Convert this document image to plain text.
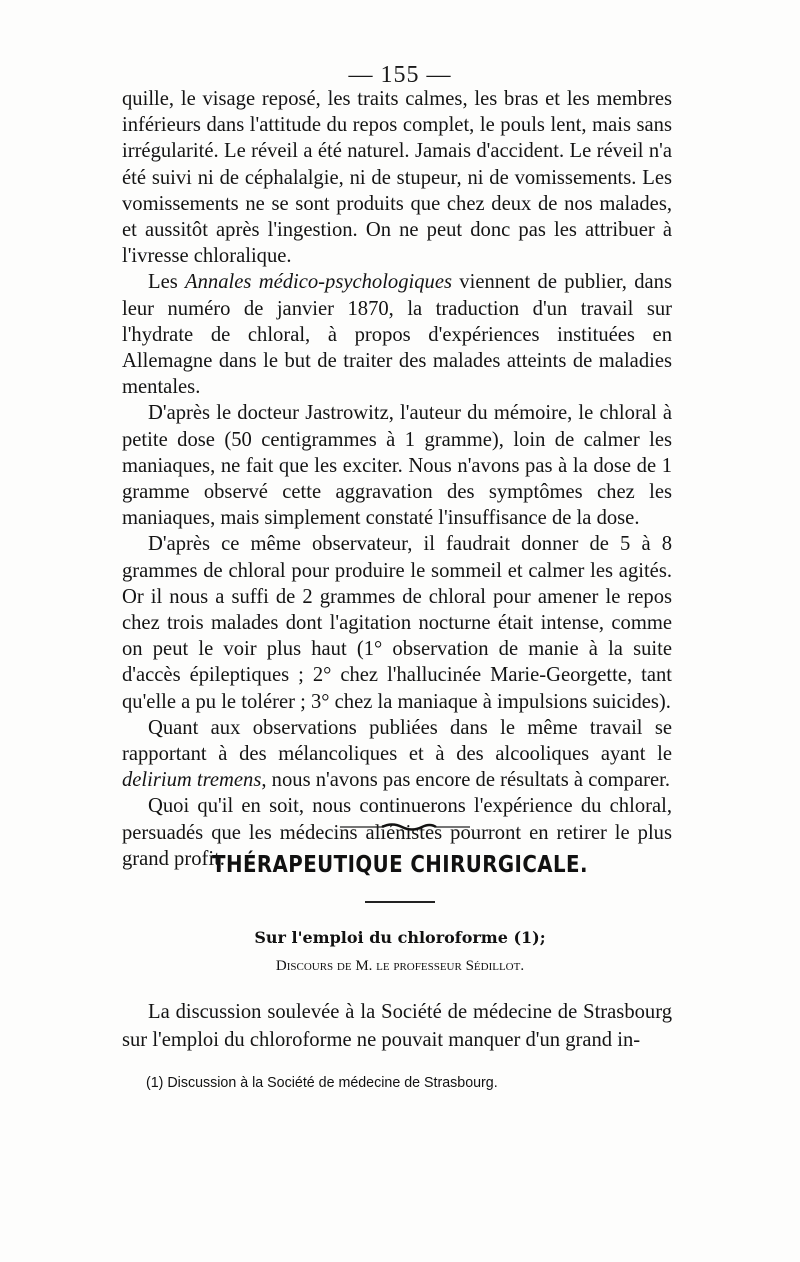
— 155 —

quille, le visage reposé, les traits calmes, les bras et les membres inférieurs dans l'attitude du repos complet, le pouls lent, mais sans irrégularité. Le réveil a été naturel. Jamais d'accident. Le réveil n'a été suivi ni de céphalalgie, ni de stupeur, ni de vomissements. Les vomissements ne se sont produits que chez deux de nos malades, et aussitôt après l'ingestion. On ne peut donc pas les attribuer à l'ivresse chloralique.

Les Annales médico-psychologiques viennent de publier, dans leur numéro de janvier 1870, la traduction d'un travail sur l'hydrate de chloral, à propos d'expériences instituées en Allemagne dans le but de traiter des malades atteints de maladies mentales.

D'après le docteur Jastrowitz, l'auteur du mémoire, le chloral à petite dose (50 centigrammes à 1 gramme), loin de calmer les maniaques, ne fait que les exciter. Nous n'avons pas à la dose de 1 gramme observé cette aggravation des symptômes chez les maniaques, mais simplement constaté l'insuffisance de la dose.

D'après ce même observateur, il faudrait donner de 5 à 8 grammes de chloral pour produire le sommeil et calmer les agités. Or il nous a suffi de 2 grammes de chloral pour amener le repos chez trois malades dont l'agitation nocturne était intense, comme on peut le voir plus haut (1° observation de manie à la suite d'accès épileptiques ; 2° chez l'hallucinée Marie-Georgette, tant qu'elle a pu le tolérer ; 3° chez la maniaque à impulsions suicides).

Quant aux observations publiées dans le même travail se rapportant à des mélancoliques et à des alcooliques ayant le delirium tremens, nous n'avons pas encore de résultats à comparer.

Quoi qu'il en soit, nous continuerons l'expérience du chloral, persuadés que les médecins aliénistes pourront en retirer le plus grand profit.

THÉRAPEUTIQUE CHIRURGICALE.
Sur l'emploi du chloroforme (1);
Discours de M. le professeur Sédillot.

La discussion soulevée à la Société de médecine de Strasbourg sur l'emploi du chloroforme ne pouvait manquer d'un grand in-

(1) Discussion à la Société de médecine de Strasbourg.
